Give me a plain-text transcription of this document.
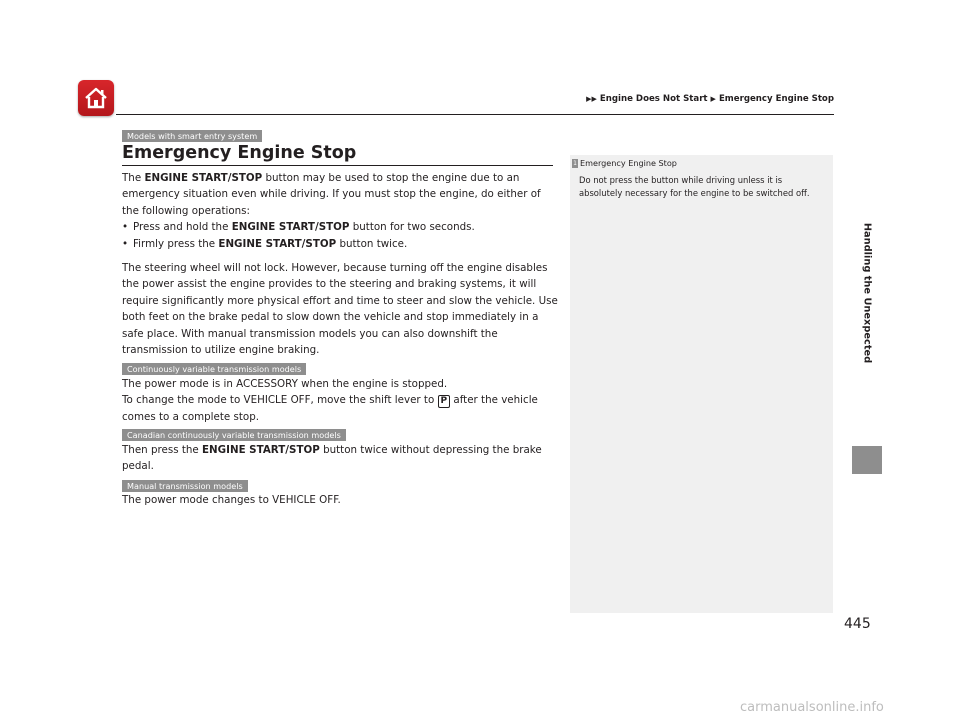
▶▶ Engine Does Not Start ▶ Emergency Engine Stop
Handling the Unexpected
Models with smart entry system
Emergency Engine Stop

The ENGINE START/STOP button may be used to stop the engine due to an emergency situation even while driving. If you must stop the engine, do either of the following operations:

• Press and hold the ENGINE START/STOP button for two seconds.
• Firmly press the ENGINE START/STOP button twice.

The steering wheel will not lock. However, because turning off the engine disables the power assist the engine provides to the steering and braking systems, it will require significantly more physical effort and time to steer and slow the vehicle. Use both feet on the brake pedal to slow down the vehicle and stop immediately in a safe place. With manual transmission models you can also downshift the transmission to utilize engine braking.

Continuously variable transmission models

The power mode is in ACCESSORY when the engine is stopped.

To change the mode to VEHICLE OFF, move the shift lever to P after the vehicle comes to a complete stop.

Canadian continuously variable transmission models

Then press the ENGINE START/STOP button twice without depressing the brake pedal.

Manual transmission models

The power mode changes to VEHICLE OFF.

1 Emergency Engine Stop
Do not press the button while driving unless it is absolutely necessary for the engine to be switched off.
445
carmanualsonline.info
